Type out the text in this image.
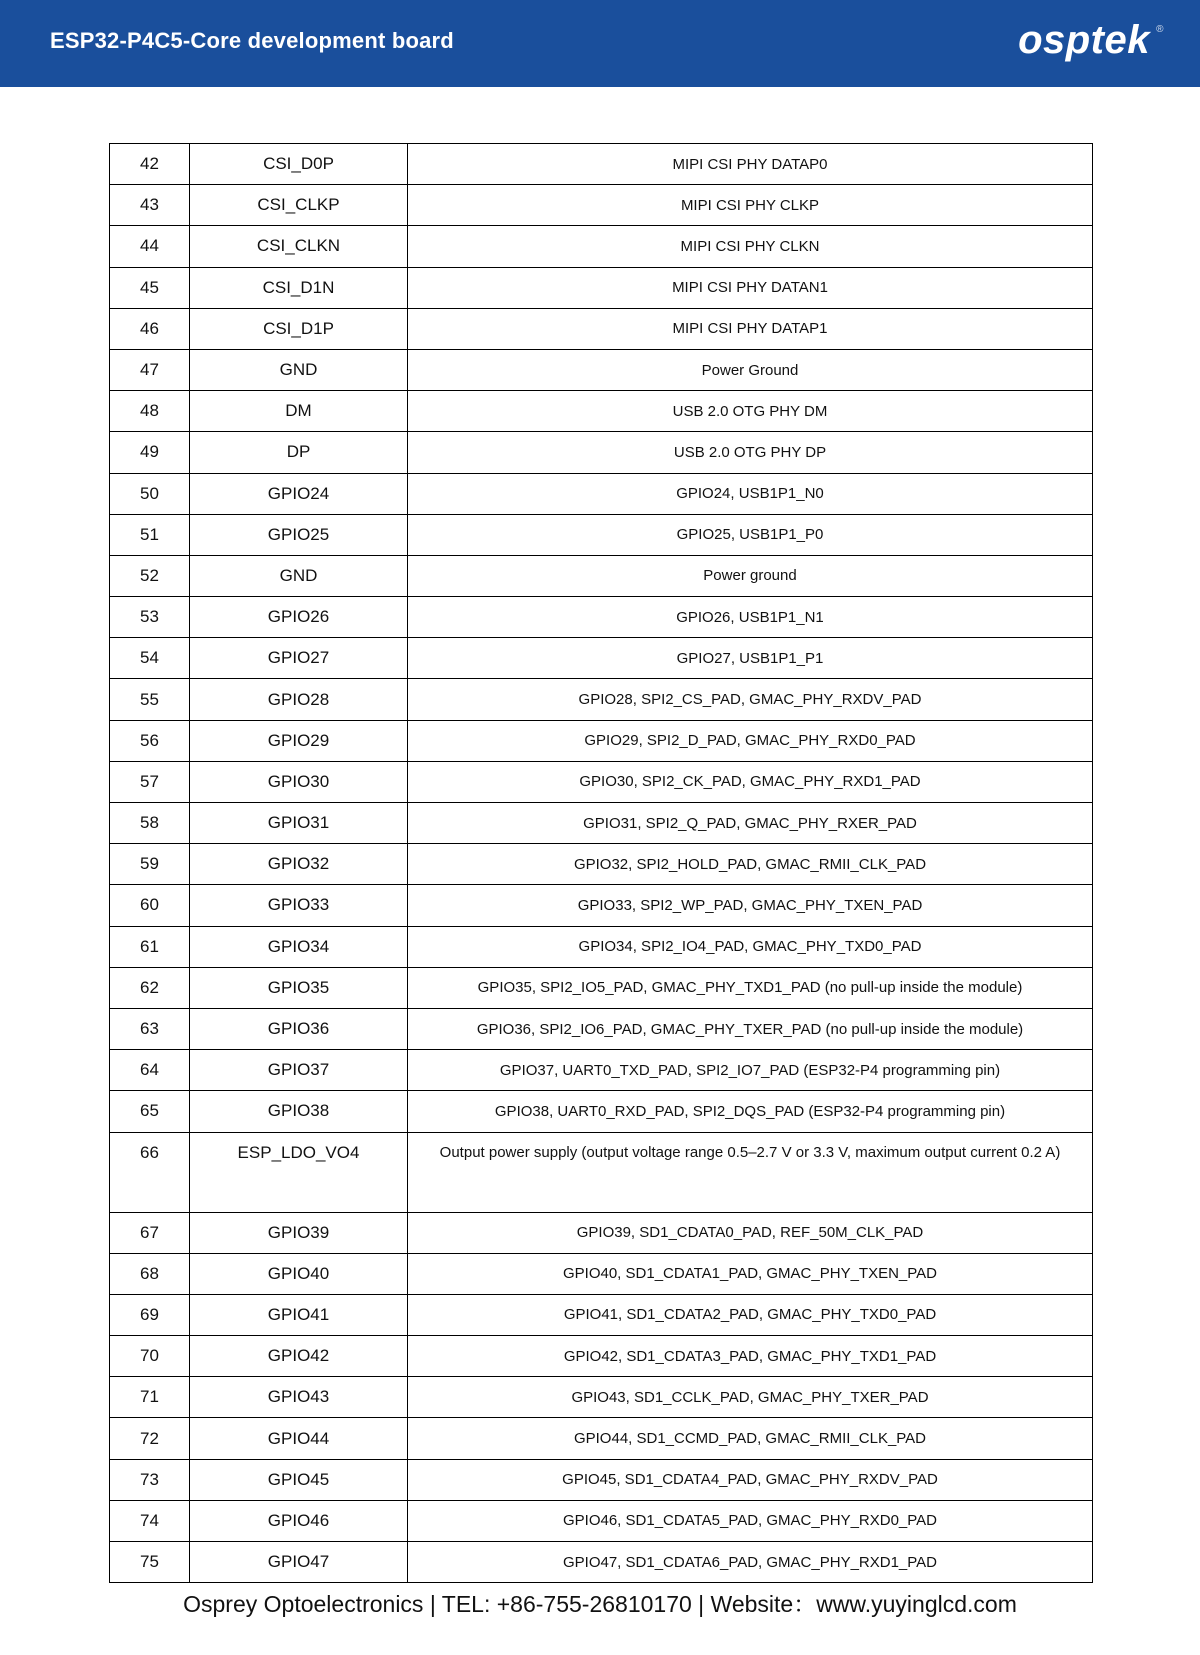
ESP32-P4C5-Core development board	osptek ®
42	CSI_D0P	MIPI CSI PHY DATAP0
43	CSI_CLKP	MIPI CSI PHY CLKP
44	CSI_CLKN	MIPI CSI PHY CLKN
45	CSI_D1N	MIPI CSI PHY DATAN1
46	CSI_D1P	MIPI CSI PHY DATAP1
47	GND	Power Ground
48	DM	USB 2.0 OTG PHY DM
49	DP	USB 2.0 OTG PHY DP
50	GPIO24	GPIO24, USB1P1_N0
51	GPIO25	GPIO25, USB1P1_P0
52	GND	Power ground
53	GPIO26	GPIO26, USB1P1_N1
54	GPIO27	GPIO27, USB1P1_P1
55	GPIO28	GPIO28, SPI2_CS_PAD, GMAC_PHY_RXDV_PAD
56	GPIO29	GPIO29, SPI2_D_PAD, GMAC_PHY_RXD0_PAD
57	GPIO30	GPIO30, SPI2_CK_PAD, GMAC_PHY_RXD1_PAD
58	GPIO31	GPIO31, SPI2_Q_PAD, GMAC_PHY_RXER_PAD
59	GPIO32	GPIO32, SPI2_HOLD_PAD, GMAC_RMII_CLK_PAD
60	GPIO33	GPIO33, SPI2_WP_PAD, GMAC_PHY_TXEN_PAD
61	GPIO34	GPIO34, SPI2_IO4_PAD, GMAC_PHY_TXD0_PAD
62	GPIO35	GPIO35, SPI2_IO5_PAD, GMAC_PHY_TXD1_PAD (no pull-up inside the module)
63	GPIO36	GPIO36, SPI2_IO6_PAD, GMAC_PHY_TXER_PAD (no pull-up inside the module)
64	GPIO37	GPIO37, UART0_TXD_PAD, SPI2_IO7_PAD (ESP32-P4 programming pin)
65	GPIO38	GPIO38, UART0_RXD_PAD, SPI2_DQS_PAD (ESP32-P4 programming pin)
66	ESP_LDO_VO4	Output power supply (output voltage range 0.5–2.7 V or 3.3 V, maximum output current 0.2 A)
67	GPIO39	GPIO39, SD1_CDATA0_PAD, REF_50M_CLK_PAD
68	GPIO40	GPIO40, SD1_CDATA1_PAD, GMAC_PHY_TXEN_PAD
69	GPIO41	GPIO41, SD1_CDATA2_PAD, GMAC_PHY_TXD0_PAD
70	GPIO42	GPIO42, SD1_CDATA3_PAD, GMAC_PHY_TXD1_PAD
71	GPIO43	GPIO43, SD1_CCLK_PAD, GMAC_PHY_TXER_PAD
72	GPIO44	GPIO44, SD1_CCMD_PAD, GMAC_RMII_CLK_PAD
73	GPIO45	GPIO45, SD1_CDATA4_PAD, GMAC_PHY_RXDV_PAD
74	GPIO46	GPIO46, SD1_CDATA5_PAD, GMAC_PHY_RXD0_PAD
75	GPIO47	GPIO47, SD1_CDATA6_PAD, GMAC_PHY_RXD1_PAD
Osprey Optoelectronics | TEL: +86-755-26810170 | Website：www.yuyinglcd.com
